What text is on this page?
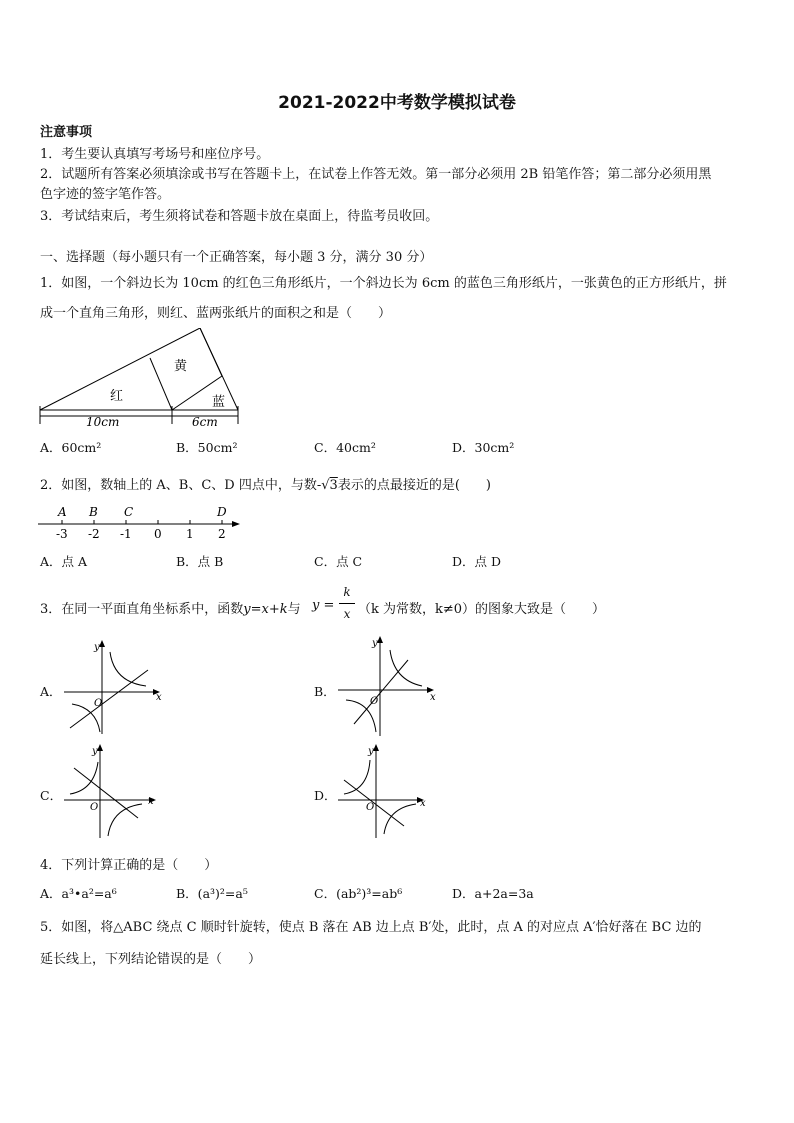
2021-2022中考数学模拟试卷
注意事项
1．考生要认真填写考场号和座位序号。
2．试题所有答案必须填涂或书写在答题卡上，在试卷上作答无效。第一部分必须用 2B 铅笔作答；第二部分必须用黑
色字迹的签字笔作答。
3．考试结束后，考生须将试卷和答题卡放在桌面上，待监考员收回。
一、选择题（每小题只有一个正确答案，每小题 3 分，满分 30 分）
1．如图，一个斜边长为 10cm 的红色三角形纸片，一个斜边长为 6cm 的蓝色三角形纸片，一张黄色的正方形纸片，拼
成一个直角三角形，则红、蓝两张纸片的面积之和是（　　）
黄
红	蓝
10cm	6cm
A．60cm²	B．50cm²	C．40cm²	D．30cm²
2．如图，数轴上的 A、B、C、D 四点中，与数-√3表示的点最接近的是(　　)
A B C	D
-3 -2 -1 0 1 2
A．点 A	B．点 B	C．点 C	D．点 D
3．在同一平面直角坐标系中，函数y=x+k与 y =
k
x （k 为常数，k≠0）的图象大致是（　　）
A．	x
y
O
B．	x
y
O
C．	x
y
O
D．
x
y
O
4．下列计算正确的是（　　）
A．a³•a²=a⁶	B．(a³)²=a⁵	C．(ab²)³=ab⁶	D．a+2a=3a
5．如图，将△ABC 绕点 C 顺时针旋转，使点 B 落在 AB 边上点 B′处，此时，点 A 的对应点 A′恰好落在 BC 边的
延长线上，下列结论错误的是（　　）
